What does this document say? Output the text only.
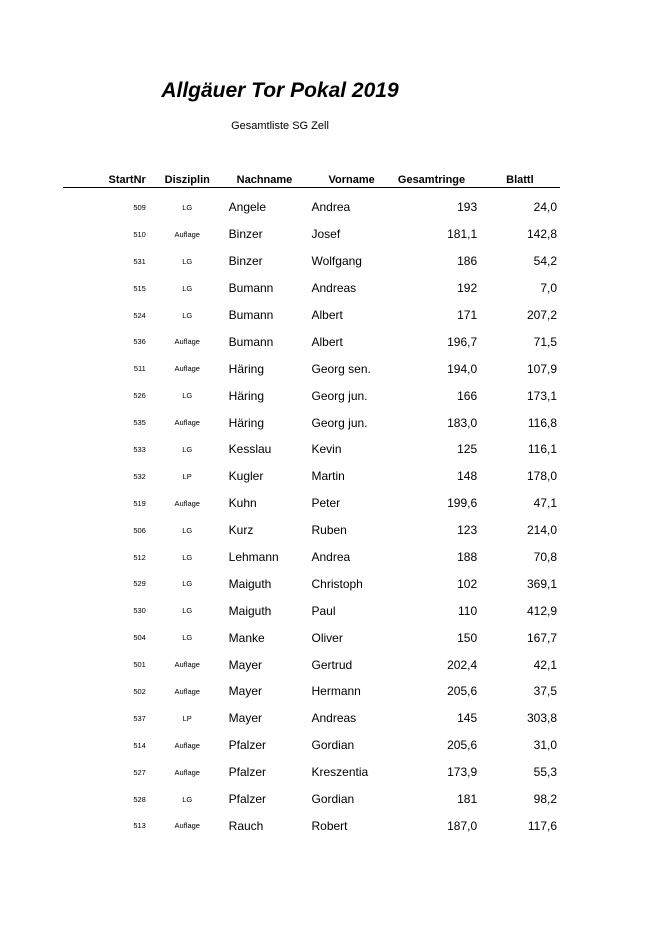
Allgäuer Tor Pokal 2019
Gesamtliste SG Zell
StartNr	Disziplin	Nachname	Vorname	Gesamtringe	Blattl
509	LG	Angele	Andrea	193	24,0
510	Auflage	Binzer	Josef	181,1	142,8
531	LG	Binzer	Wolfgang	186	54,2
515	LG	Bumann	Andreas	192	7,0
524	LG	Bumann	Albert	171	207,2
536	Auflage	Bumann	Albert	196,7	71,5
511	Auflage	Häring	Georg sen.	194,0	107,9
526	LG	Häring	Georg jun.	166	173,1
535	Auflage	Häring	Georg jun.	183,0	116,8
533	LG	Kesslau	Kevin	125	116,1
532	LP	Kugler	Martin	148	178,0
519	Auflage	Kuhn	Peter	199,6	47,1
506	LG	Kurz	Ruben	123	214,0
512	LG	Lehmann	Andrea	188	70,8
529	LG	Maiguth	Christoph	102	369,1
530	LG	Maiguth	Paul	110	412,9
504	LG	Manke	Oliver	150	167,7
501	Auflage	Mayer	Gertrud	202,4	42,1
502	Auflage	Mayer	Hermann	205,6	37,5
537	LP	Mayer	Andreas	145	303,8
514	Auflage	Pfalzer	Gordian	205,6	31,0
527	Auflage	Pfalzer	Kreszentia	173,9	55,3
528	LG	Pfalzer	Gordian	181	98,2
513	Auflage	Rauch	Robert	187,0	117,6
